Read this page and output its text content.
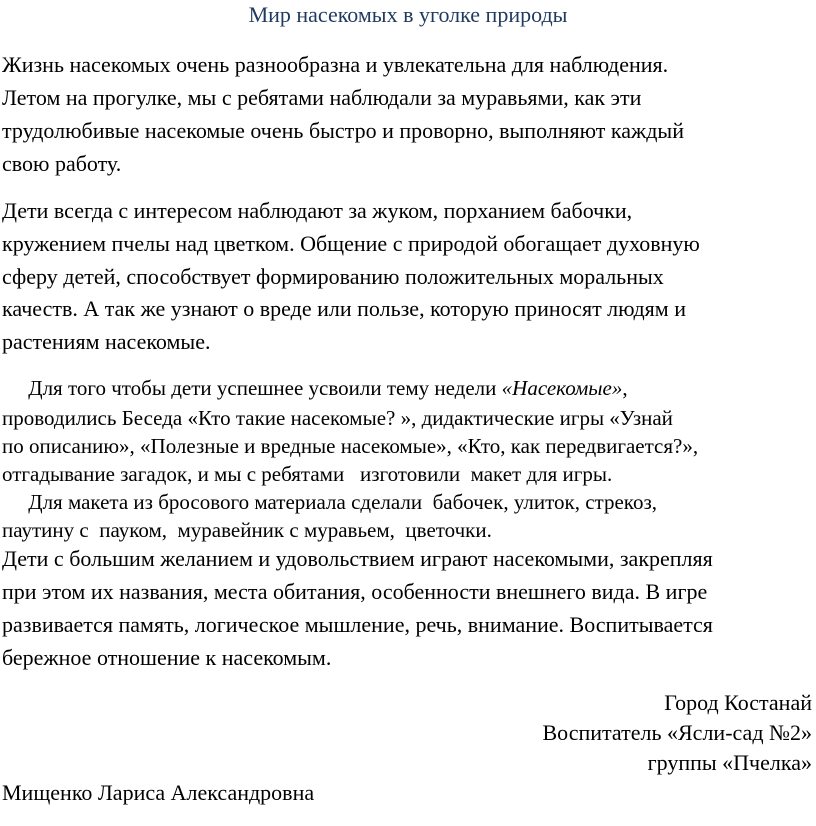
Мир насекомых в уголке природы
Жизнь насекомых очень разнообразна и увлекательна для наблюдения.
Летом на прогулке, мы с ребятами наблюдали за муравьями, как эти
трудолюбивые насекомые очень быстро и проворно, выполняют каждый
свою работу.
Дети всегда с интересом наблюдают за жуком, порханием бабочки,
кружением пчелы над цветком. Общение с природой обогащает духовную
сферу детей, способствует формированию положительных моральных
качеств. А так же узнают о вреде или пользе, которую приносят людям и
растениям насекомые.
Для того чтобы дети успешнее усвоили тему недели «Насекомые»,
проводились Беседа «Кто такие насекомые? », дидактические игры «Узнай
по описанию», «Полезные и вредные насекомые», «Кто, как передвигается?»,
отгадывание загадок, и мы с ребятами   изготовили  макет для игры.
Для макета из бросового материала сделали  бабочек, улиток, стрекоз,
паутину с  пауком,  муравейник с муравьем,  цветочки.
Дети с большим желанием и удовольствием играют насекомыми, закрепляя
при этом их названия, места обитания, особенности внешнего вида. В игре
развивается память, логическое мышление, речь, внимание. Воспитывается
бережное отношение к насекомым.
Город Костанай
Воспитатель «Ясли-сад №2»
группы «Пчелка»
Мищенко Лариса Александровна
